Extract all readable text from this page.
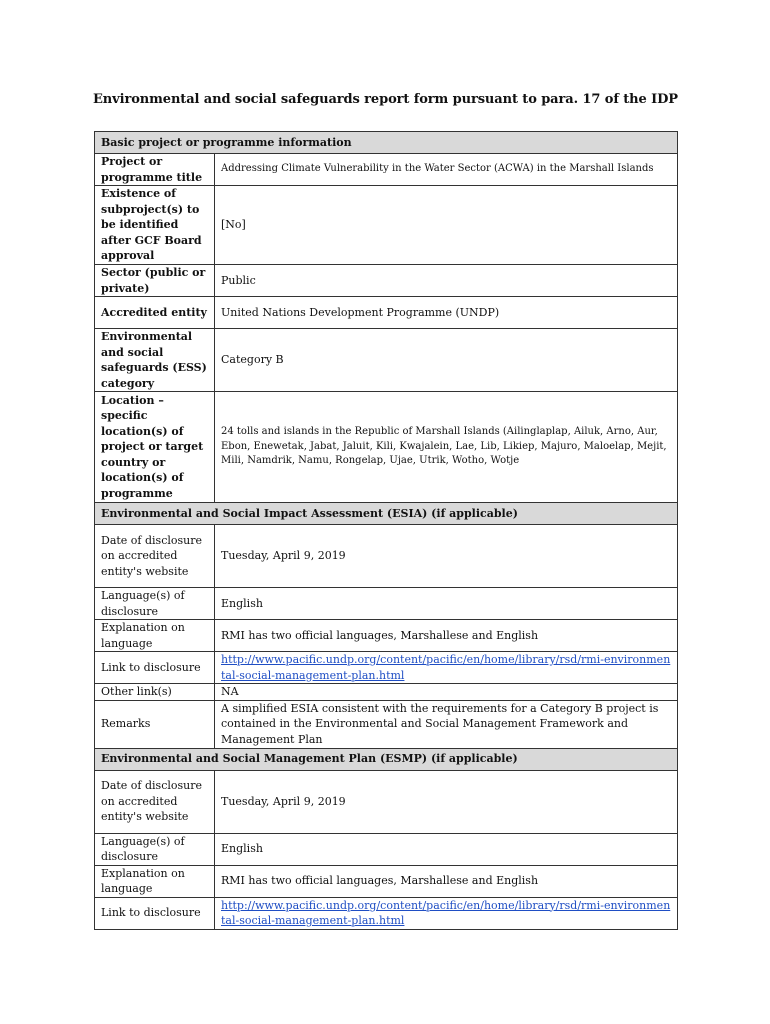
Environmental and social safeguards report form pursuant to para. 17 of the IDP
Basic project or programme information	
Project or programme title	Addressing Climate Vulnerability in the Water Sector (ACWA) in the Marshall Islands
Existence of subproject(s) to be identified after GCF Board approval	[No]
Sector (public or private)	Public
Accredited entity	United Nations Development Programme (UNDP)
Environmental and social safeguards (ESS) category	Category B
Location – specific location(s) of project or target country or location(s) of programme	24 tolls and islands in the Republic of Marshall Islands (Ailinglaplap, Ailuk, Arno, Aur, Ebon, Enewetak, Jabat, Jaluit, Kili, Kwajalein, Lae, Lib, Likiep, Majuro, Maloelap, Mejit, Mili, Namdrik, Namu, Rongelap, Ujae, Utrik, Wotho, Wotje
Environmental and Social Impact Assessment (ESIA) (if applicable)	
Date of disclosure on accredited entity's website	Tuesday, April 9, 2019
Language(s) of disclosure	English
Explanation on language	RMI has two official languages, Marshallese and English
Link to disclosure	http://www.pacific.undp.org/content/pacific/en/home/library/rsd/rmi-environmental-social-management-plan.html
Other link(s)	NA
Remarks	A simplified ESIA consistent with the requirements for a Category B project is contained in the Environmental and Social Management Framework and Management Plan
Environmental and Social Management Plan (ESMP) (if applicable)	
Date of disclosure on accredited entity's website	Tuesday, April 9, 2019
Language(s) of disclosure	English
Explanation on language	RMI has two official languages, Marshallese and English
Link to disclosure	http://www.pacific.undp.org/content/pacific/en/home/library/rsd/rmi-environmental-social-management-plan.html
